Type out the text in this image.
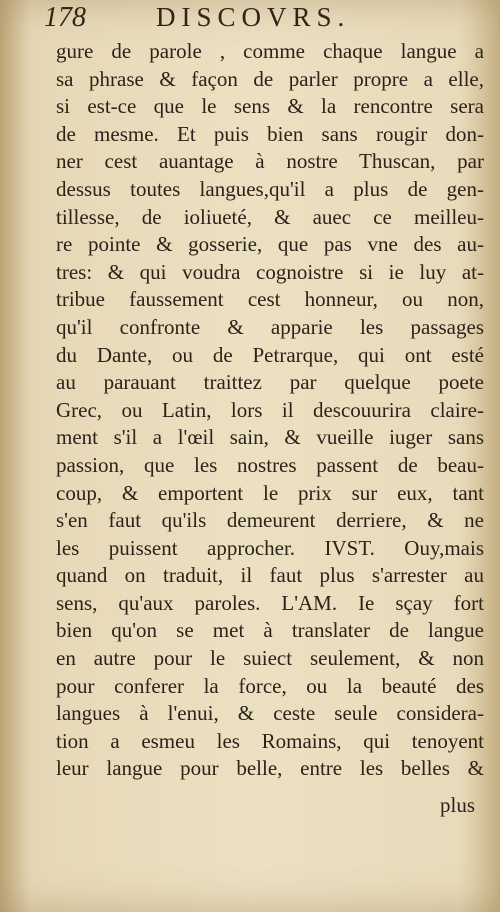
178	DISCOVRS.
gure de parole , comme chaque langue a
sa phrase & façon de parler propre a elle,
si est-ce que le sens & la rencontre sera
de mesme. Et puis bien sans rougir don-
ner cest auantage à nostre Thuscan, par
dessus toutes langues,qu'il a plus de gen-
tillesse, de ioliueté, & auec ce meilleu-
re pointe & gosserie, que pas vne des au-
tres: & qui voudra cognoistre si ie luy at-
tribue faussement cest honneur, ou non,
qu'il confronte & apparie les passages
du Dante, ou de Petrarque, qui ont esté
au parauant traittez par quelque poete
Grec, ou Latin, lors il descouurira claire-
ment s'il a l'œil sain, & vueille iuger sans
passion, que les nostres passent de beau-
coup, & emportent le prix sur eux, tant
s'en faut qu'ils demeurent derriere, & ne
les puissent approcher. IVST. Ouy,mais
quand on traduit, il faut plus s'arrester au
sens, qu'aux paroles. L'AM. Ie sçay fort
bien qu'on se met à translater de langue
en autre pour le suiect seulement, & non
pour conferer la force, ou la beauté des
langues à l'enui, & ceste seule considera-
tion a esmeu les Romains, qui tenoyent
leur langue pour belle, entre les belles &
plus
